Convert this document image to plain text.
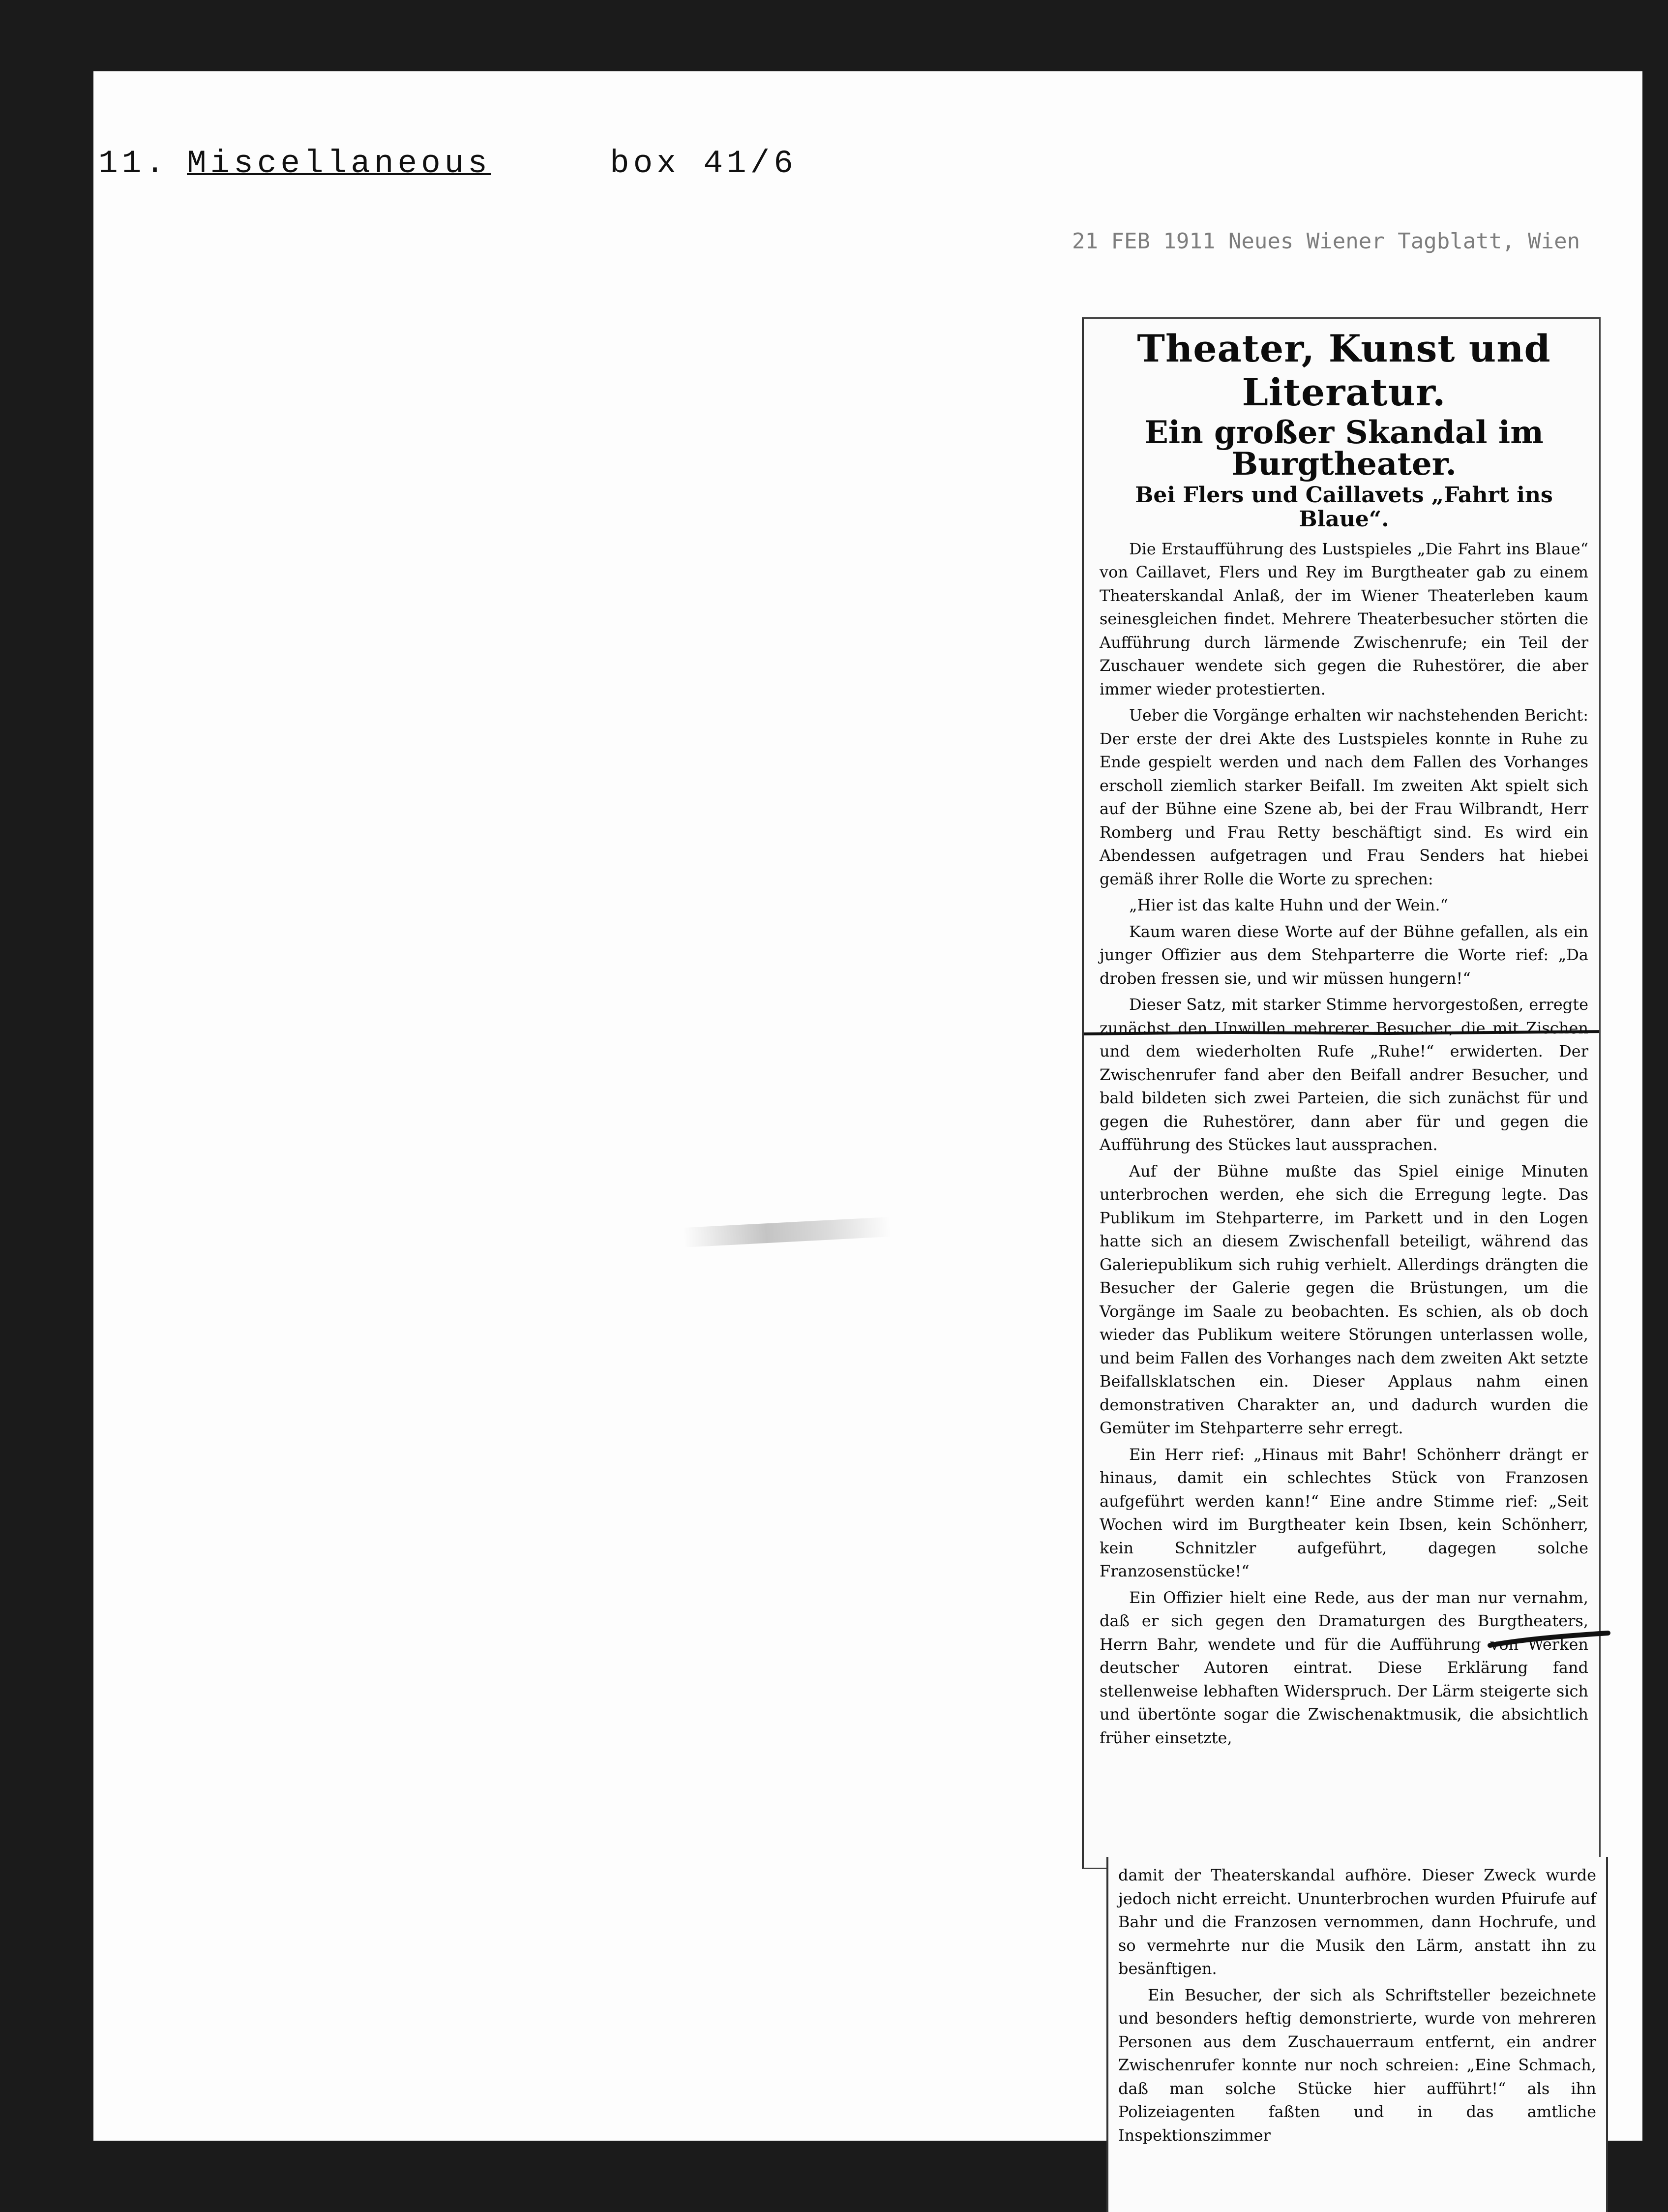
11.

Miscellaneous

	box 41/6

21 FEB 1911 Neues Wiener Tagblatt, Wien
Theater, Kunst und Literatur.
Ein großer Skandal im Burgtheater.
Bei Flers und Caillavets „Fahrt ins Blaue“.

Die Erstaufführung des Lustspieles „Die Fahrt ins Blaue“ von Caillavet, Flers und Rey im Burgtheater gab zu einem Theaterskandal Anlaß, der im Wiener Theaterleben kaum seinesgleichen findet. Mehrere Theaterbesucher störten die Aufführung durch lärmende Zwischenrufe; ein Teil der Zuschauer wendete sich gegen die Ruhestörer, die aber immer wieder protestierten.

Ueber die Vorgänge erhalten wir nachstehenden Bericht: Der erste der drei Akte des Lustspieles konnte in Ruhe zu Ende gespielt werden und nach dem Fallen des Vorhanges erscholl ziemlich starker Beifall. Im zweiten Akt spielt sich auf der Bühne eine Szene ab, bei der Frau Wilbrandt, Herr Romberg und Frau Retty beschäftigt sind. Es wird ein Abendessen aufgetragen und Frau Senders hat hiebei gemäß ihrer Rolle die Worte zu sprechen:

„Hier ist das kalte Huhn und der Wein.“

Kaum waren diese Worte auf der Bühne gefallen, als ein junger Offizier aus dem Stehparterre die Worte rief: „Da droben fressen sie, und wir müssen hungern!“

Dieser Satz, mit starker Stimme hervorgestoßen, erregte zunächst den Unwillen mehrerer Besucher, die mit Zischen und dem wiederholten Rufe „Ruhe!“ erwiderten. Der Zwischenrufer fand aber den Beifall andrer Besucher, und bald bildeten sich zwei Parteien, die sich zunächst für und gegen die Ruhestörer, dann aber für und gegen die Aufführung des Stückes laut aussprachen.

Auf der Bühne mußte das Spiel einige Minuten unterbrochen werden, ehe sich die Erregung legte. Das Publikum im Stehparterre, im Parkett und in den Logen hatte sich an diesem Zwischenfall beteiligt, während das Galeriepublikum sich ruhig verhielt. Allerdings drängten die Besucher der Galerie gegen die Brüstungen, um die Vorgänge im Saale zu beobachten. Es schien, als ob doch wieder das Publikum weitere Störungen unterlassen wolle, und beim Fallen des Vorhanges nach dem zweiten Akt setzte Beifallsklatschen ein. Dieser Applaus nahm einen demonstrativen Charakter an, und dadurch wurden die Gemüter im Stehparterre sehr erregt.

Ein Herr rief: „Hinaus mit Bahr! Schönherr drängt er hinaus, damit ein schlechtes Stück von Franzosen aufgeführt werden kann!“ Eine andre Stimme rief: „Seit Wochen wird im Burgtheater kein Ibsen, kein Schönherr, kein Schnitzler aufgeführt, dagegen solche Franzosenstücke!“

Ein Offizier hielt eine Rede, aus der man nur vernahm, daß er sich gegen den Dramaturgen des Burgtheaters, Herrn Bahr, wendete und für die Aufführung von Werken deutscher Autoren eintrat. Diese Erklärung fand stellenweise lebhaften Widerspruch. Der Lärm steigerte sich und übertönte sogar die Zwischenaktmusik, die absichtlich früher einsetzte,

damit der Theaterskandal aufhöre. Dieser Zweck wurde jedoch nicht erreicht. Ununterbrochen wurden Pfuirufe auf Bahr und die Franzosen vernommen, dann Hochrufe, und so vermehrte nur die Musik den Lärm, anstatt ihn zu besänftigen.

Ein Besucher, der sich als Schriftsteller bezeichnete und besonders heftig demonstrierte, wurde von mehreren Personen aus dem Zuschauerraum entfernt, ein andrer Zwischenrufer konnte nur noch schreien: „Eine Schmach, daß man solche Stücke hier aufführt!“ als ihn Polizeiagenten faßten und in das amtliche Inspektionszimmer
